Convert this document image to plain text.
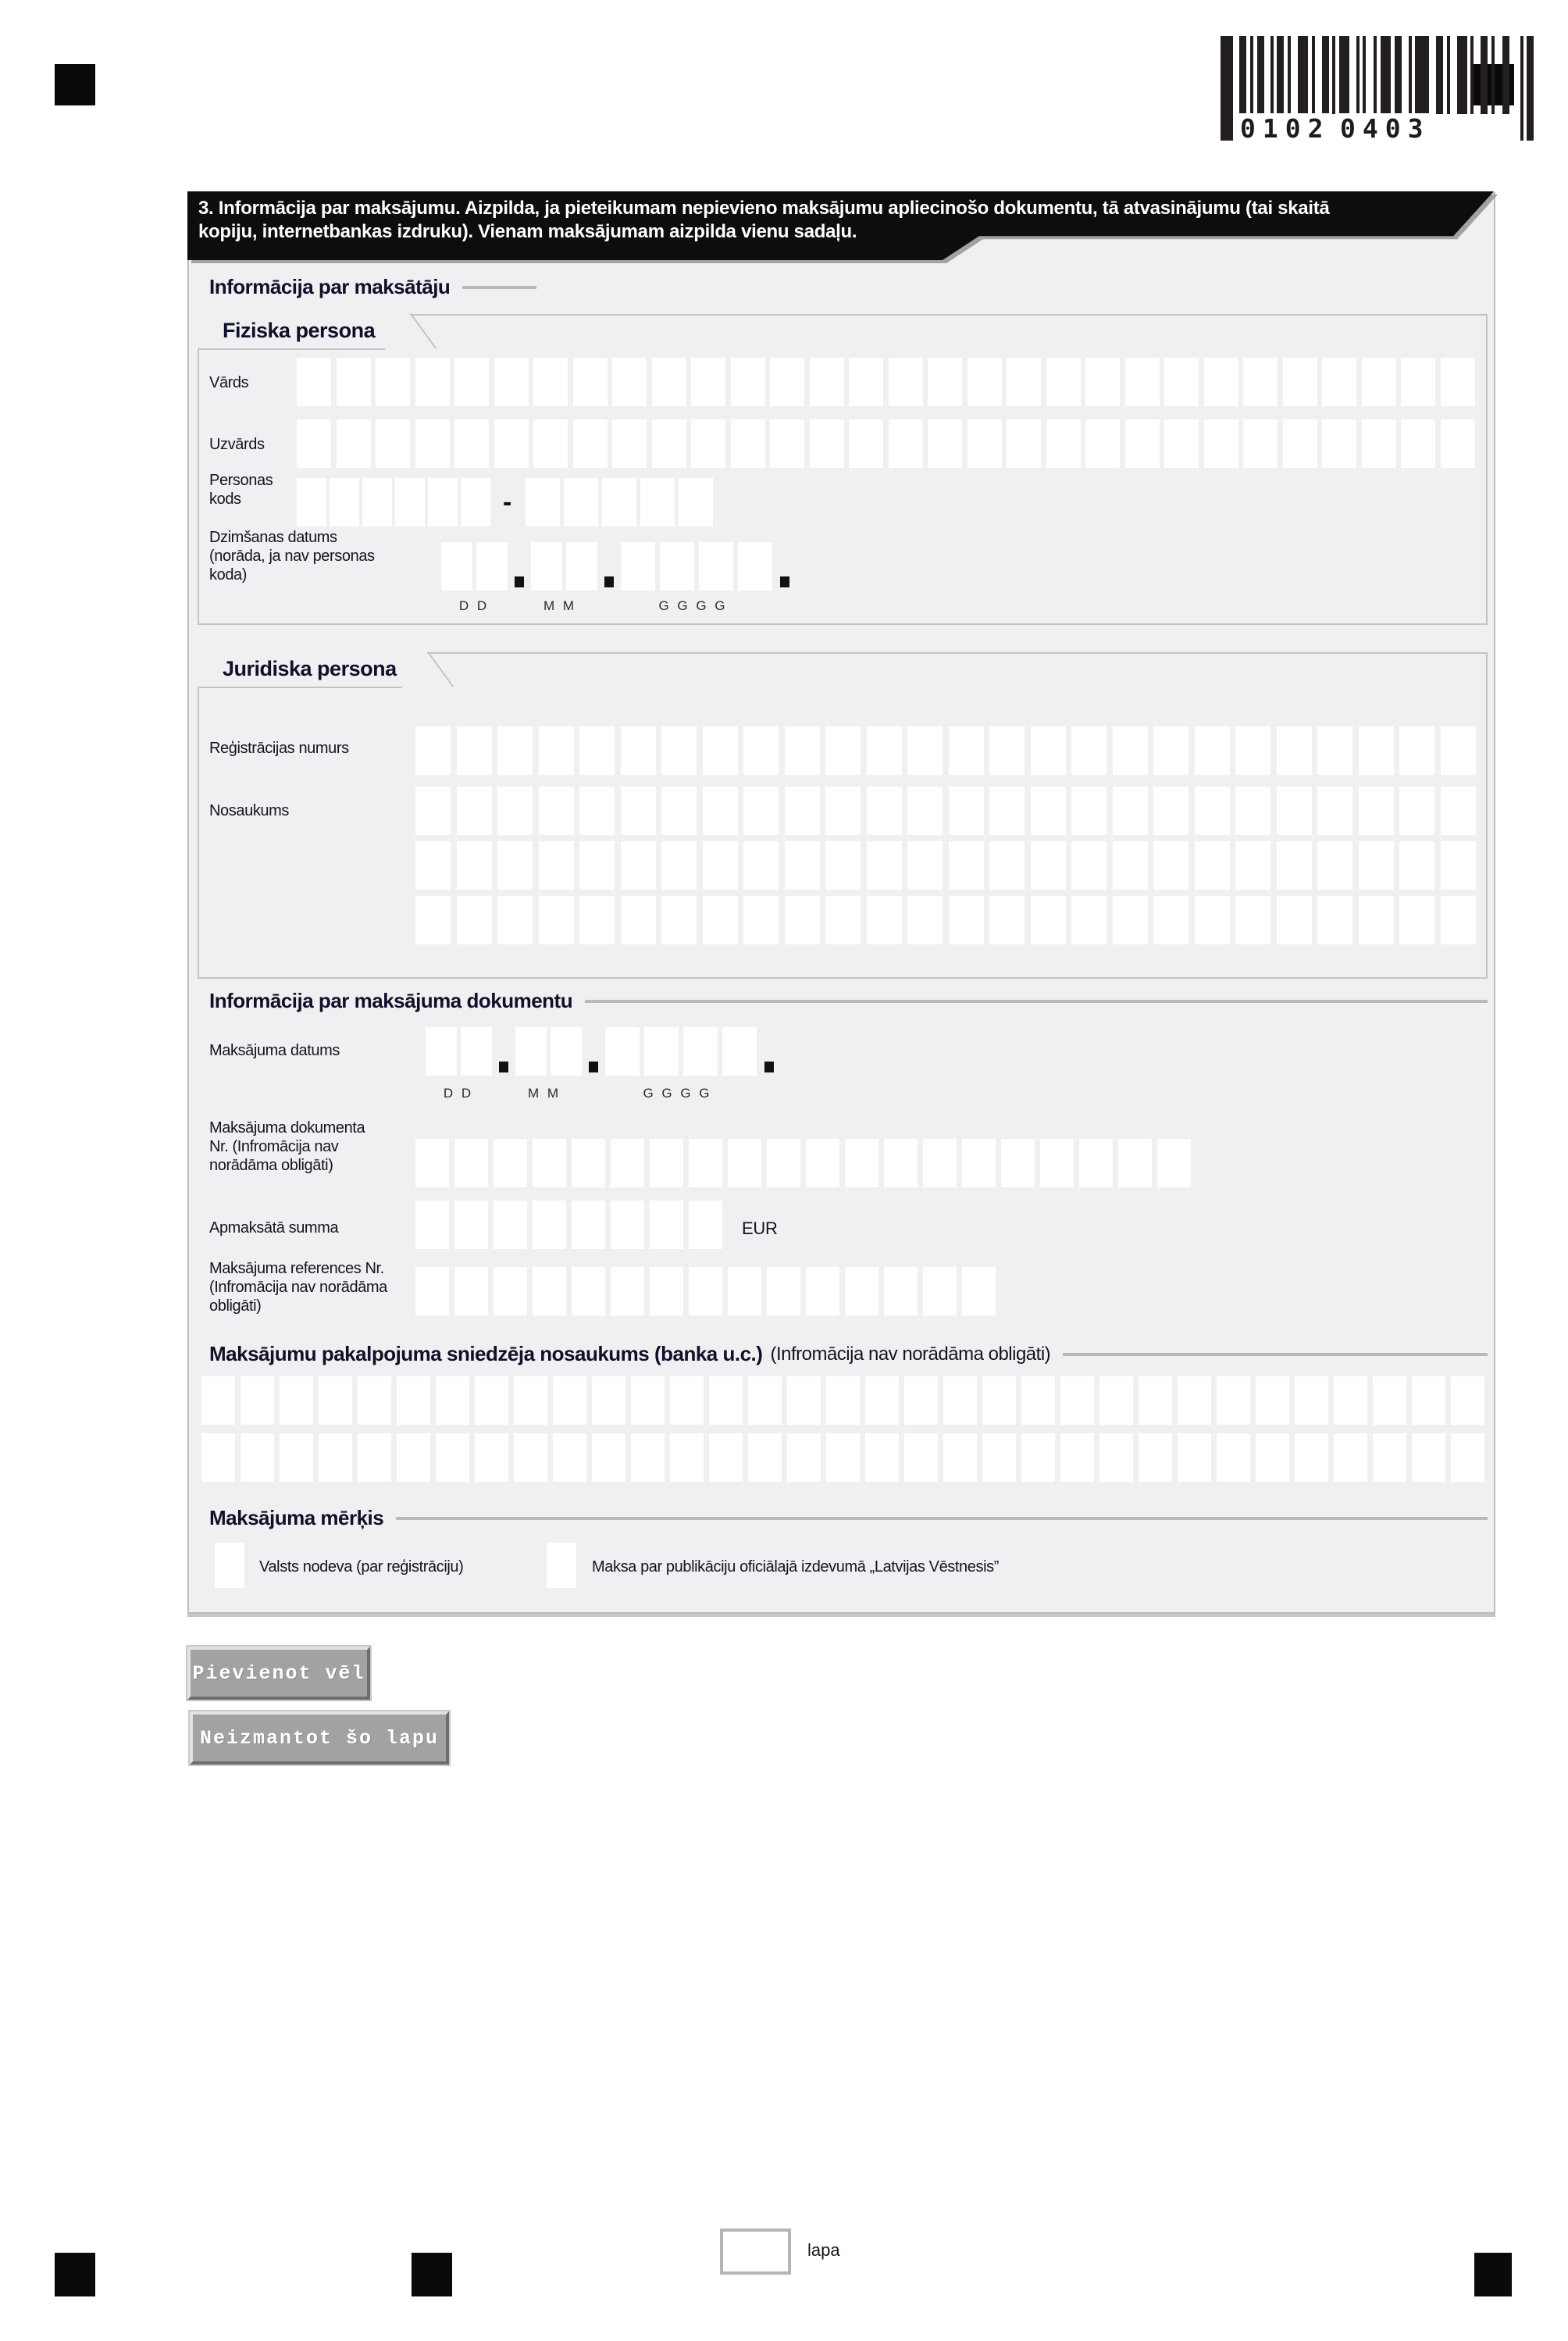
0102 0403
3. Informācija par maksājumu. Aizpilda, ja pieteikumam nepievieno maksājumu apliecinošo dokumentu, tā atvasinājumu (tai skaitā
kopiju, internetbankas izdruku). Vienam maksājumam aizpilda vienu sadaļu.
Informācija par maksātāju
Fiziska persona
Vārds
Uzvārds
Personas kods	-
Dzimšanas datums (norāda, ja nav personas koda)
D D	M M	G G G G
Juridiska persona
Reģistrācijas numurs
Nosaukums
Informācija par maksājuma dokumentu
Maksājuma datums
D D	M M	G G G G
Maksājuma dokumenta Nr. (Infromācija nav norādāma obligāti)
Apmaksātā summa	EUR
Maksājuma references Nr. (Infromācija nav norādāma obligāti)
Maksājumu pakalpojuma sniedzēja nosaukums (banka u.c.) (Infromācija nav norādāma obligāti)
Maksājuma mērķis
Valsts nodeva (par reģistrāciju)	Maksa par publikāciju oficiālajā izdevumā „Latvijas Vēstnesis”
Pievienot vēl
Neizmantot šo lapu
lapa
